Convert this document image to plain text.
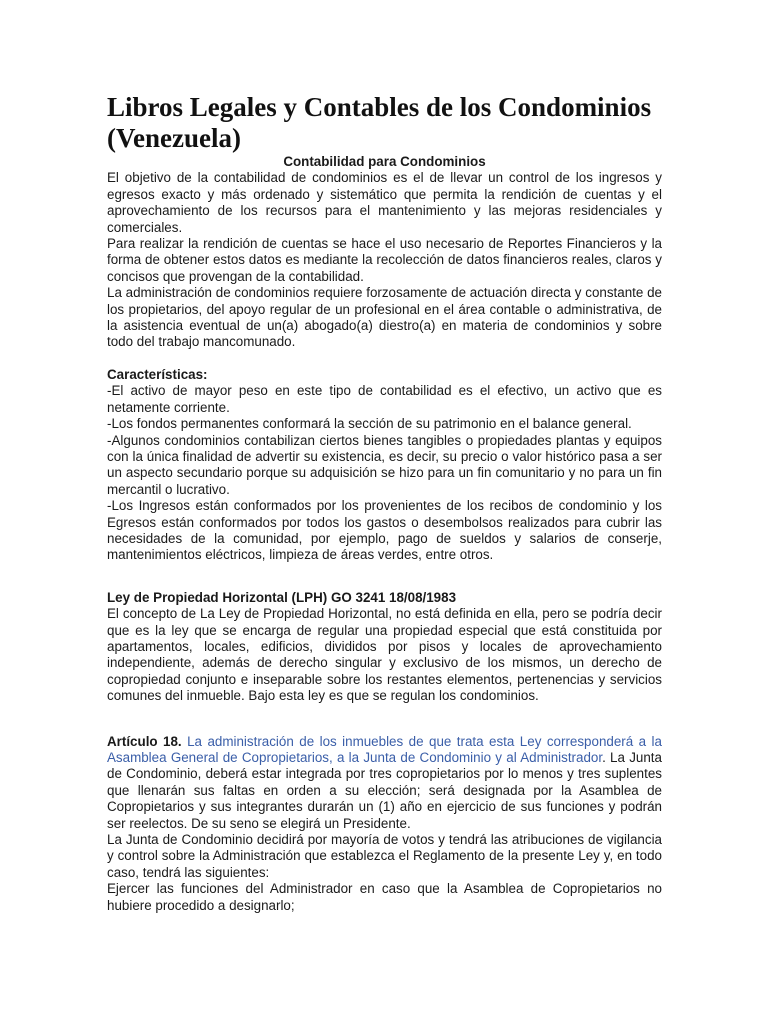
Libros Legales y Contables de los Condominios (Venezuela)
Contabilidad para Condominios

El objetivo de la contabilidad de condominios es el de llevar un control de los ingresos y egresos exacto y más ordenado y sistemático que permita la rendición de cuentas y el aprovechamiento de los recursos para el mantenimiento y las mejoras residenciales y comerciales.

Para realizar la rendición de cuentas se hace el uso necesario de Reportes Financieros y la forma de obtener estos datos es mediante la recolección de datos financieros reales, claros y concisos que provengan de la contabilidad.

La administración de condominios requiere forzosamente de actuación directa y constante de los propietarios, del apoyo regular de un profesional en el área contable o administrativa, de la asistencia eventual de un(a) abogado(a) diestro(a) en materia de condominios y sobre todo del trabajo mancomunado.

Características:

-El activo de mayor peso en este tipo de contabilidad es el efectivo, un activo que es netamente corriente.

-Los fondos permanentes conformará la sección de su patrimonio en el balance general.

-Algunos condominios contabilizan ciertos bienes tangibles o propiedades plantas y equipos con la única finalidad de advertir su existencia, es decir, su precio o valor histórico pasa a ser un aspecto secundario porque su adquisición se hizo para un fin comunitario y no para un fin mercantil o lucrativo.

-Los Ingresos están conformados por los provenientes de los recibos de condominio y los Egresos están conformados por todos los gastos o desembolsos realizados para cubrir las necesidades de la comunidad, por ejemplo, pago de sueldos y salarios de conserje, mantenimientos eléctricos, limpieza de áreas verdes, entre otros.

Ley de Propiedad Horizontal (LPH) GO 3241 18/08/1983

El concepto de La Ley de Propiedad Horizontal, no está definida en ella, pero se podría decir que es la ley que se encarga de regular una propiedad especial que está constituida por apartamentos, locales, edificios, divididos por pisos y locales de aprovechamiento independiente, además de derecho singular y exclusivo de los mismos, un derecho de copropiedad conjunto e inseparable sobre los restantes elementos, pertenencias y servicios comunes del inmueble. Bajo esta ley es que se regulan los condominios.

Artículo 18. La administración de los inmuebles de que trata esta Ley corresponderá a la Asamblea General de Copropietarios, a la Junta de Condominio y al Administrador. La Junta de Condominio, deberá estar integrada por tres copropietarios por lo menos y tres suplentes que llenarán sus faltas en orden a su elección; será designada por la Asamblea de Copropietarios y sus integrantes durarán un (1) año en ejercicio de sus funciones y podrán ser reelectos. De su seno se elegirá un Presidente.

La Junta de Condominio decidirá por mayoría de votos y tendrá las atribuciones de vigilancia y control sobre la Administración que establezca el Reglamento de la presente Ley y, en todo caso, tendrá las siguientes:

Ejercer las funciones del Administrador en caso que la Asamblea de Copropietarios no hubiere procedido a designarlo;
